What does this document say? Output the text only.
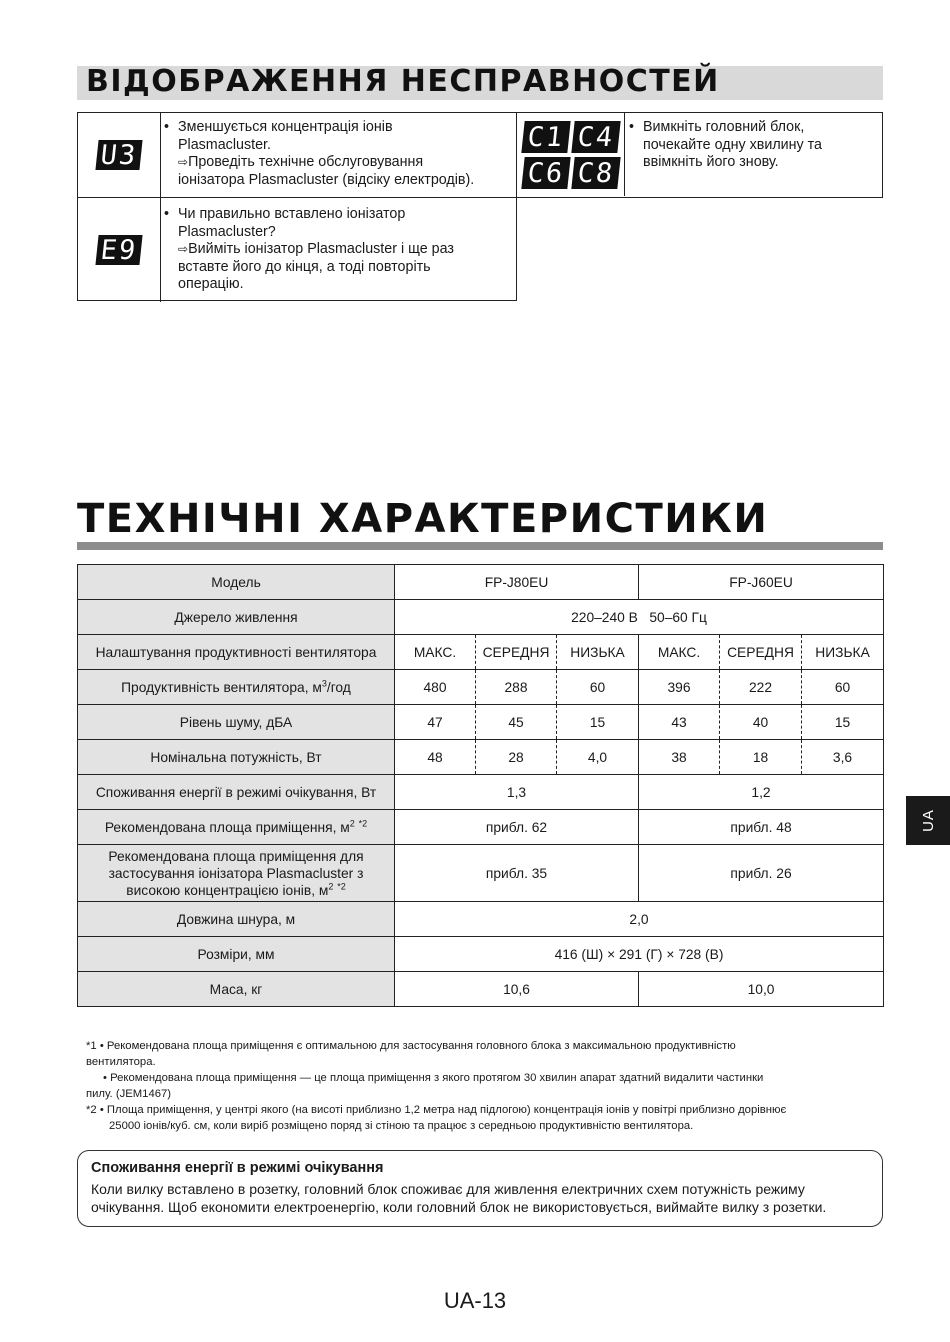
ВІДОБРАЖЕННЯ НЕСПРАВНОСТЕЙ
U3
• Зменшується концентрація іонів
Plasmacluster.
⇨Проведіть технічне обслуговування
іонізатора Plasmacluster (відсіку електродів).
E9
• Чи правильно вставлено іонізатор
Plasmacluster?
⇨Вийміть іонізатор Plasmacluster і ще раз
вставте його до кінця, а тоді повторіть
операцію.
C1 C4
C6 C8
• Вимкніть головний блок,
почекайте одну хвилину та
ввімкніть його знову.
ТЕХНІЧНІ ХАРАКТЕРИСТИКИ
Модель	FP-J80EU			FP-J60EU		
Джерело живлення	220–240 В   50–60 Гц					
Налаштування продуктивності вентилятора	МАКС.	СЕРЕДНЯ	НИЗЬКА	МАКС.	СЕРЕДНЯ	НИЗЬКА
Продуктивність вентилятора, $м^3$/год	480	288	60	396	222	60
Рівень шуму, дБА	47	45	15	43	40	15
Номінальна потужність, Вт	48	28	4,0	38	18	3,6
Споживання енергії в режимі очікування, Вт	1,3			1,2		
Рекомендована площа приміщення, $м^2$ $^{*2}$	прибл. 62			прибл. 48		

Рекомендована площа приміщення для
застосування іонізатора Plasmacluster з
високою концентрацією іонів, $м^2$ $^{*2}$	прибл. 35			прибл. 26		
Довжина шнура, м	2,0					
Розміри, мм	416 (Ш) × 291 (Г) × 728 (В)					
Маса, кг	10,6			10,0		
*1 • Рекомендована площа приміщення є оптимальною для застосування головного блока з максимальною продуктивністю
вентилятора.
• Рекомендована площа приміщення — це площа приміщення з якого протягом 30 хвилин апарат здатний видалити частинки
пилу. (JEM1467)
*2 • Площа приміщення, у центрі якого (на висоті приблизно 1,2 метра над підлогою) концентрація іонів у повітрі приблизно дорівнює
25000 іонів/куб. см, коли виріб розміщено поряд зі стіною та працює з середньою продуктивністю вентилятора.
Споживання енергії в режимі очікування
Коли вилку вставлено в розетку, головний блок споживає для живлення електричних схем потужність режиму очікування. Щоб економити електроенергію, коли головний блок не використовується, виймайте вилку з розетки.
UA
UA-13
